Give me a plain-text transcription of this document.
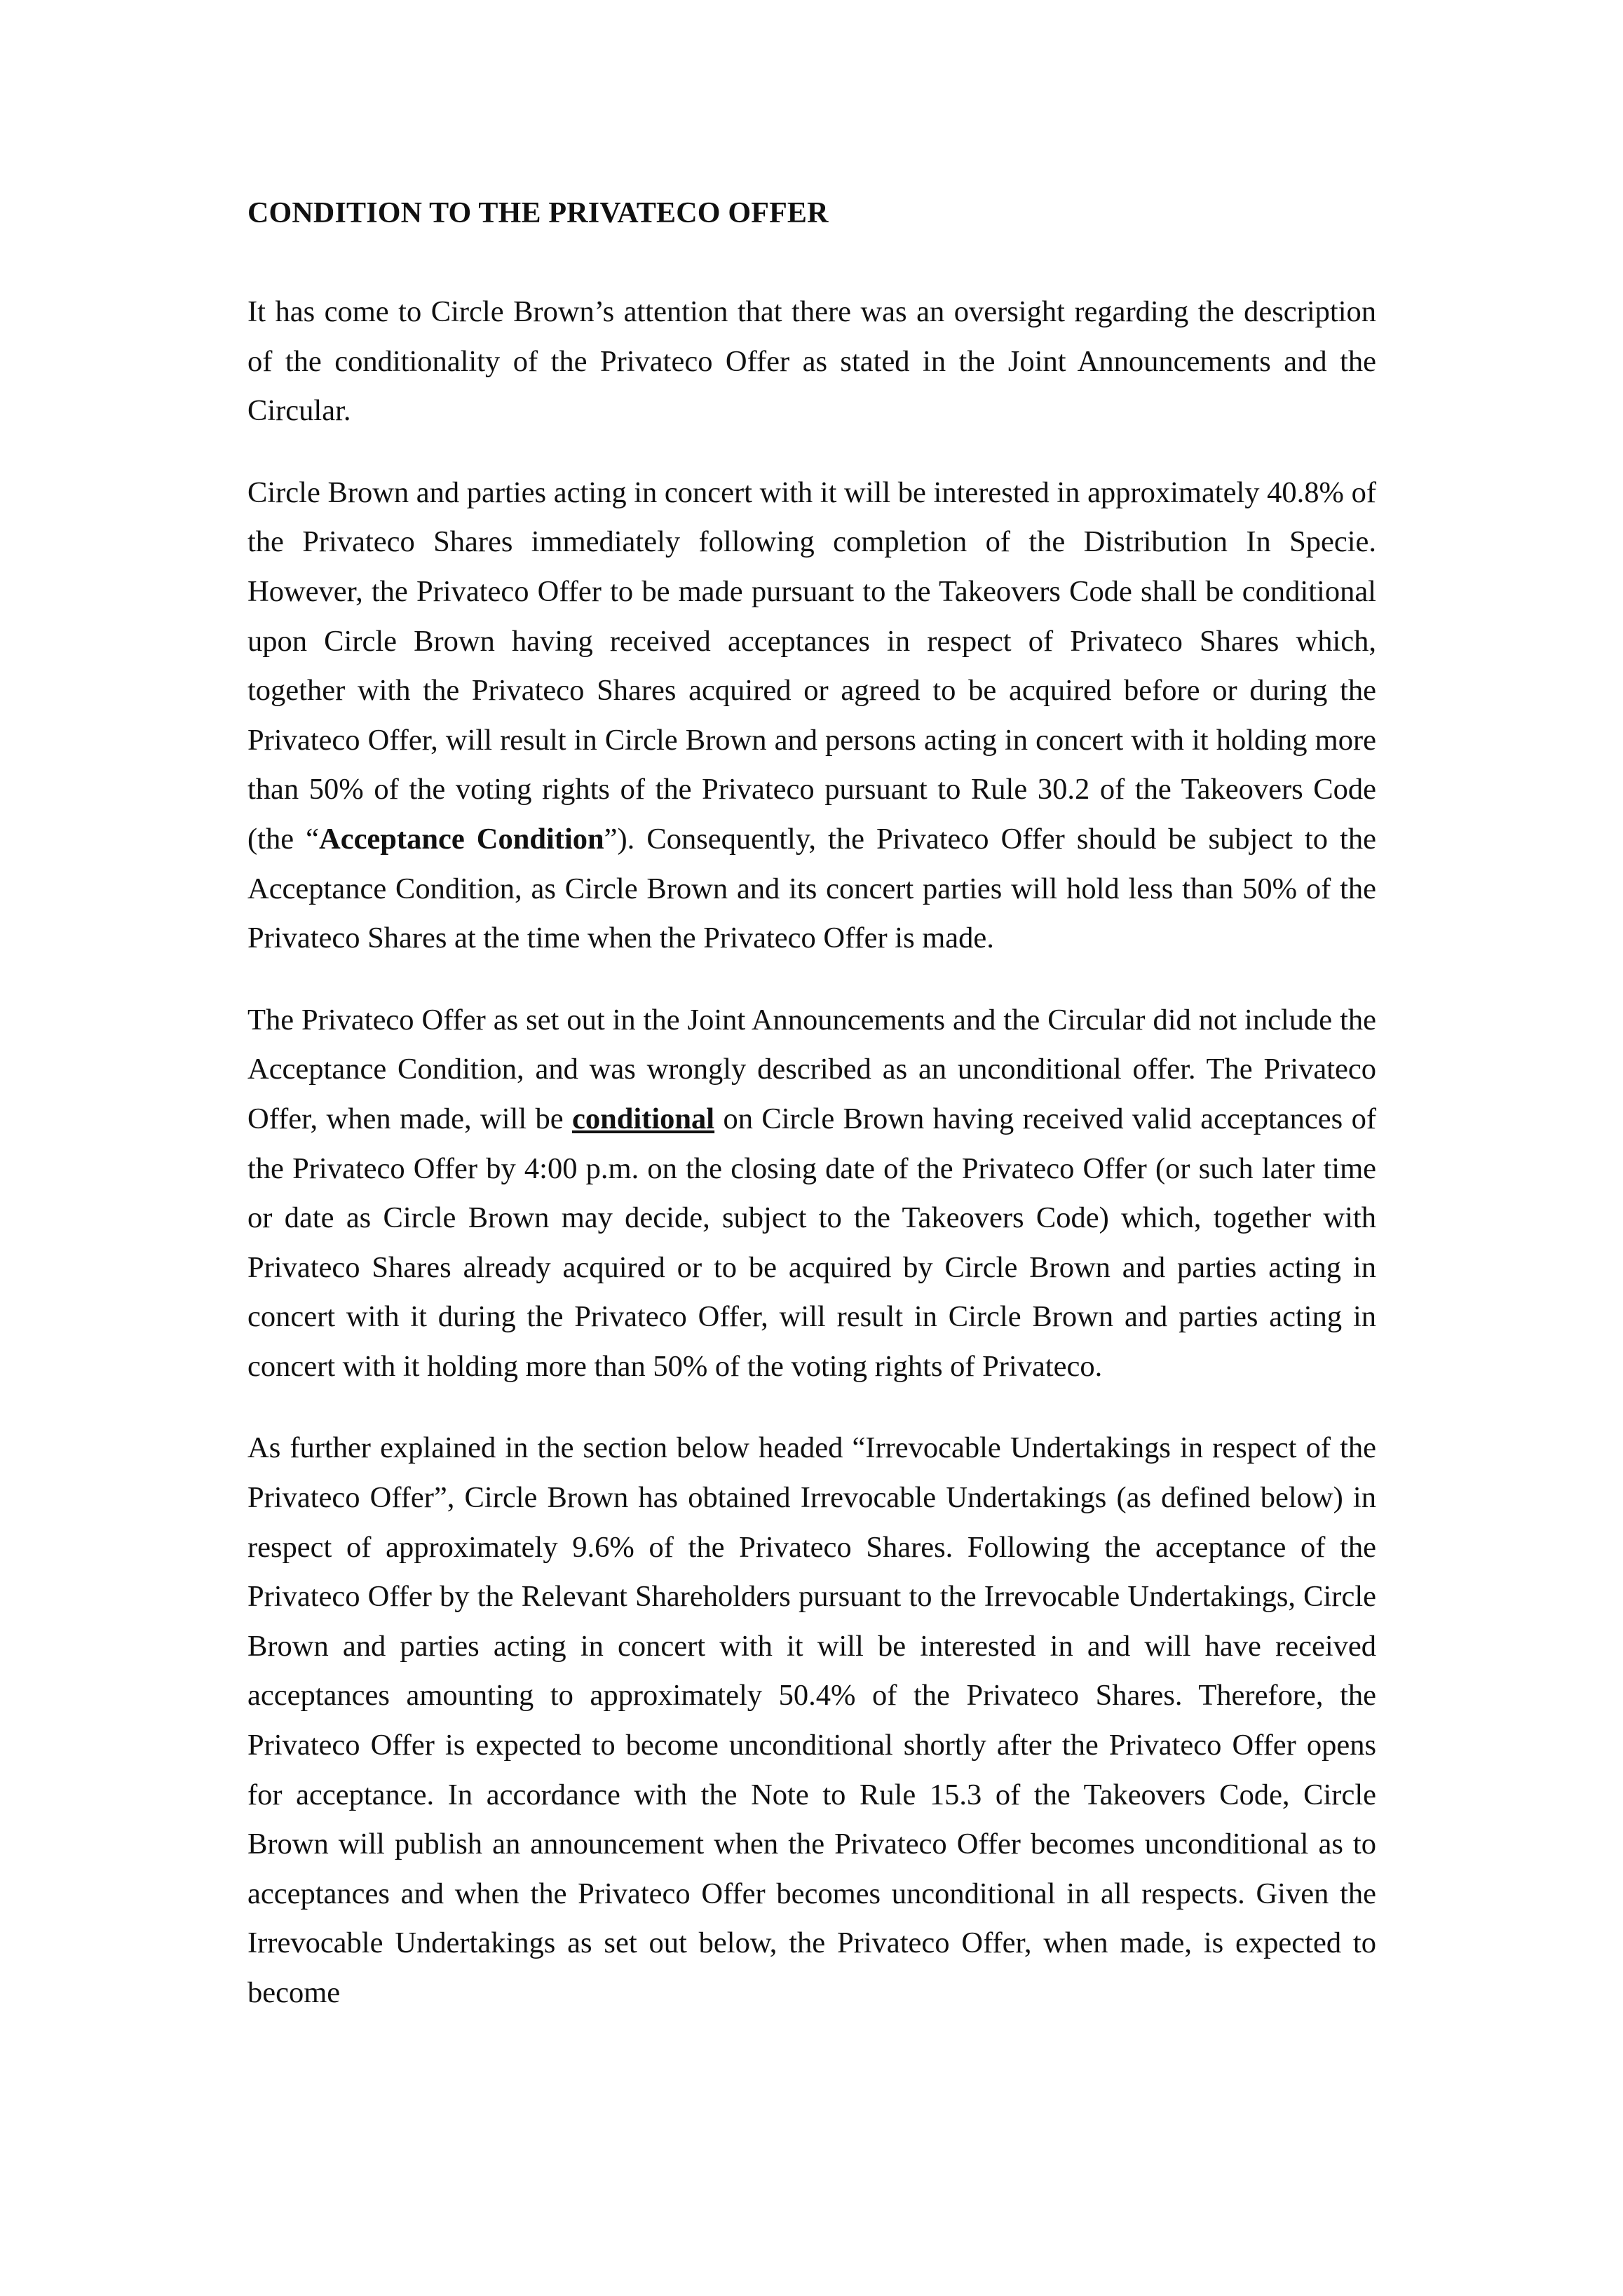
CONDITION TO THE PRIVATECO OFFER

It has come to Circle Brown’s attention that there was an oversight regarding the description of the conditionality of the Privateco Offer as stated in the Joint Announcements and the Circular.

Circle Brown and parties acting in concert with it will be interested in approximately 40.8% of the Privateco Shares immediately following completion of the Distribution In Specie. However, the Privateco Offer to be made pursuant to the Takeovers Code shall be conditional upon Circle Brown having received acceptances in respect of Privateco Shares which, together with the Privateco Shares acquired or agreed to be acquired before or during the Privateco Offer, will result in Circle Brown and persons acting in concert with it holding more than 50% of the voting rights of the Privateco pursuant to Rule 30.2 of the Takeovers Code (the “Acceptance Condition”). Consequently, the Privateco Offer should be subject to the Acceptance Condition, as Circle Brown and its concert parties will hold less than 50% of the Privateco Shares at the time when the Privateco Offer is made.

The Privateco Offer as set out in the Joint Announcements and the Circular did not include the Acceptance Condition, and was wrongly described as an unconditional offer. The Privateco Offer, when made, will be conditional on Circle Brown having received valid acceptances of the Privateco Offer by 4:00 p.m. on the closing date of the Privateco Offer (or such later time or date as Circle Brown may decide, subject to the Takeovers Code) which, together with Privateco Shares already acquired or to be acquired by Circle Brown and parties acting in concert with it during the Privateco Offer, will result in Circle Brown and parties acting in concert with it holding more than 50% of the voting rights of Privateco.

As further explained in the section below headed “Irrevocable Undertakings in respect of the Privateco Offer”, Circle Brown has obtained Irrevocable Undertakings (as defined below) in respect of approximately 9.6% of the Privateco Shares. Following the acceptance of the Privateco Offer by the Relevant Shareholders pursuant to the Irrevocable Undertakings, Circle Brown and parties acting in concert with it will be interested in and will have received acceptances amounting to approximately 50.4% of the Privateco Shares. Therefore, the Privateco Offer is expected to become unconditional shortly after the Privateco Offer opens for acceptance. In accordance with the Note to Rule 15.3 of the Takeovers Code, Circle Brown will publish an announcement when the Privateco Offer becomes unconditional as to acceptances and when the Privateco Offer becomes unconditional in all respects. Given the Irrevocable Undertakings as set out below, the Privateco Offer, when made, is expected to become
